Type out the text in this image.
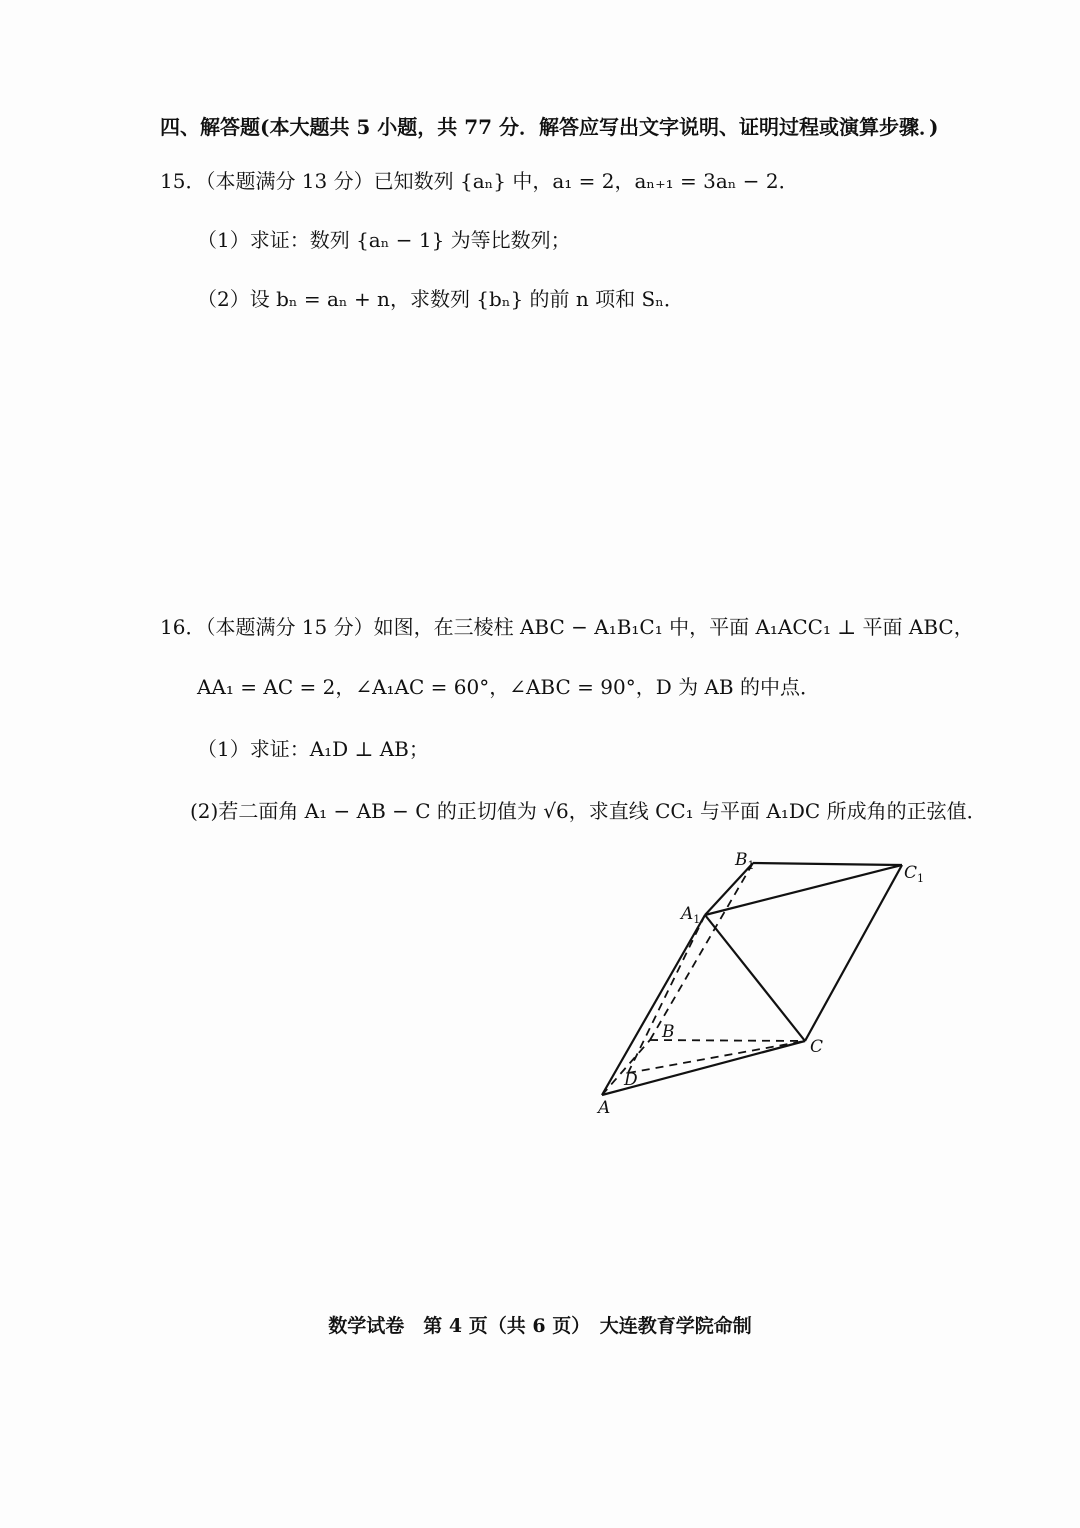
四、解答题(本大题共 5 小题，共 77 分．解答应写出文字说明、证明过程或演算步骤．)
15．（本题满分 13 分）已知数列 {aₙ} 中，a₁ = 2，aₙ₊₁ = 3aₙ − 2．
（1）求证：数列 {aₙ − 1} 为等比数列；
（2）设 bₙ = aₙ + n，求数列 {bₙ} 的前 n 项和 Sₙ．
16．（本题满分 15 分）如图，在三棱柱 ABC − A₁B₁C₁ 中，平面 A₁ACC₁ ⊥ 平面 ABC，
AA₁ = AC = 2，∠A₁AC = 60°，∠ABC = 90°，D 为 AB 的中点．
（1）求证：A₁D ⊥ AB；
(2)若二面角 A₁ − AB − C 的正切值为 √6，求直线 CC₁ 与平面 A₁DC 所成角的正弦值．
A
D
B
C
$A_1$
$B_1$	$C_1$
数学试卷　第 4 页（共 6 页）　大连教育学院命制
